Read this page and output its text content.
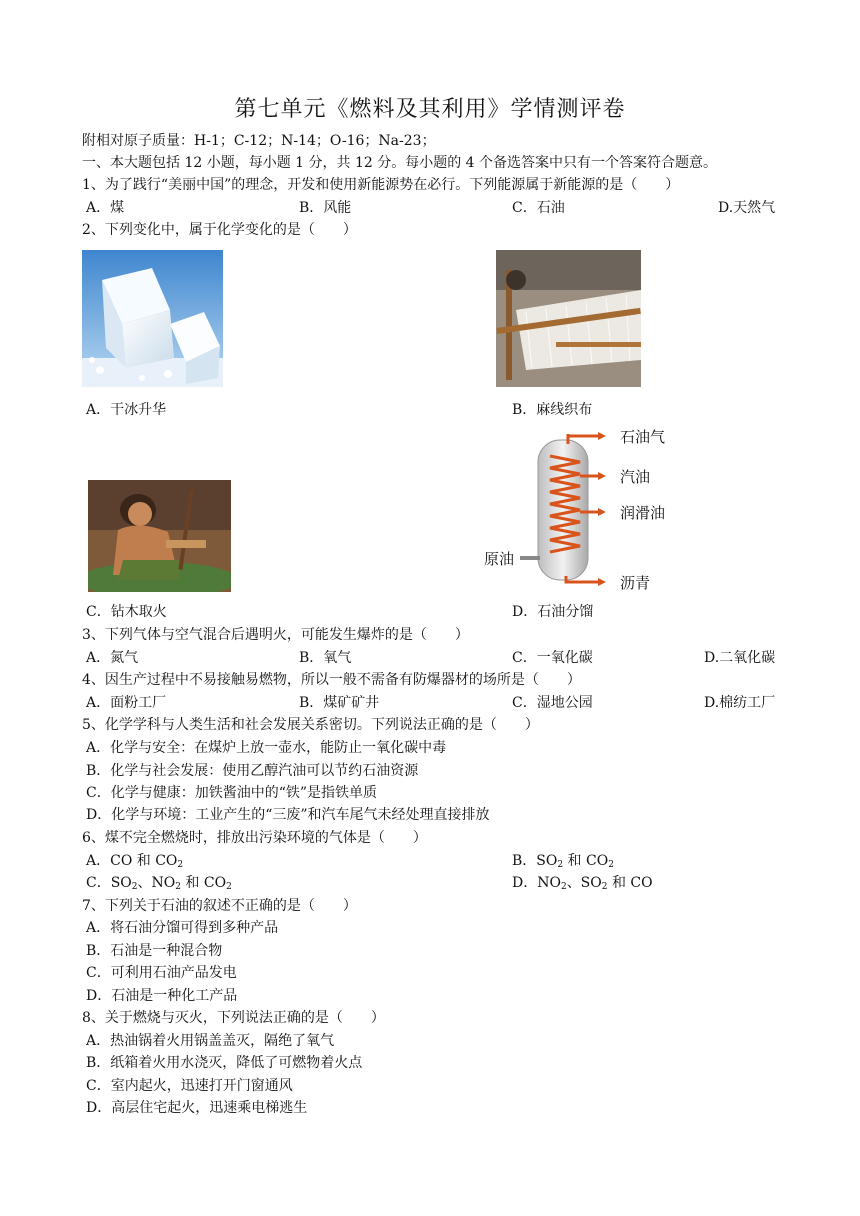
第七单元《燃料及其利用》学情测评卷
附相对原子质量：H-1；C-12；N-14；O-16；Na-23；
一、本大题包括 12 小题，每小题 1 分，共 12 分。每小题的 4 个备选答案中只有一个答案符合题意。
1、为了践行“美丽中国”的理念，开发和使用新能源势在必行。下列能源属于新能源的是（　　）
A．煤	B．风能	C．石油	D.天然气
2、下列变化中，属于化学变化的是（　　）
A．干冰升华	B．麻线织布
石油气
汽油
润滑油
原油
沥青
C．钻木取火	D．石油分馏
3、下列气体与空气混合后遇明火，可能发生爆炸的是（　　）
A．氮气	B．氧气	C．一氧化碳	D.二氧化碳
4、因生产过程中不易接触易燃物，所以一般不需备有防爆器材的场所是（　　）
A．面粉工厂	B．煤矿矿井	C．湿地公园	D.棉纺工厂
5、化学学科与人类生活和社会发展关系密切。下列说法正确的是（　　）
A．化学与安全：在煤炉上放一壶水，能防止一氧化碳中毒
B．化学与社会发展：使用乙醇汽油可以节约石油资源
C．化学与健康：加铁酱油中的“铁”是指铁单质
D．化学与环境：工业产生的“三废”和汽车尾气未经处理直接排放
6、煤不完全燃烧时，排放出污染环境的气体是（　　）
A．CO 和 $CO_2$	B．$SO_2$ 和 $CO_2$
C．$SO_2$、$NO_2$ 和 $CO_2$	D．$NO_2$、$SO_2$ 和 CO
7、下列关于石油的叙述不正确的是（　　）
A．将石油分馏可得到多种产品
B．石油是一种混合物
C．可利用石油产品发电
D．石油是一种化工产品
8、关于燃烧与灭火，下列说法正确的是（　　）
A．热油锅着火用锅盖盖灭，隔绝了氧气
B．纸箱着火用水浇灭，降低了可燃物着火点
C．室内起火，迅速打开门窗通风
D．高层住宅起火，迅速乘电梯逃生
